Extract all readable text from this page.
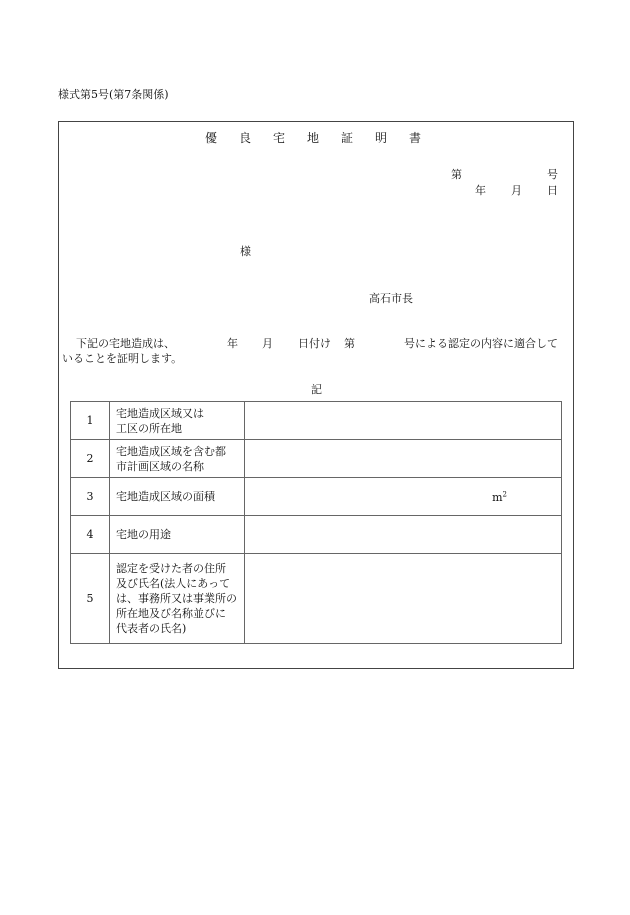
様式第5号(第7条関係)
優良宅地証明書
第	号
年 月 日
様
高石市長
下記の宅地造成は、	年 月 日付け 第	号による認定の内容に適合して
いることを証明します。
記
1	宅地造成区域又は
工区の所在地	

2	宅地造成区域を含む都
市計画区域の名称	

3	宅地造成区域の面積	$m^2$
4	宅地の用途	

5	認定を受けた者の住所
及び氏名(法人にあって
は、事務所又は事業所の
所在地及び名称並びに
代表者の氏名)	
